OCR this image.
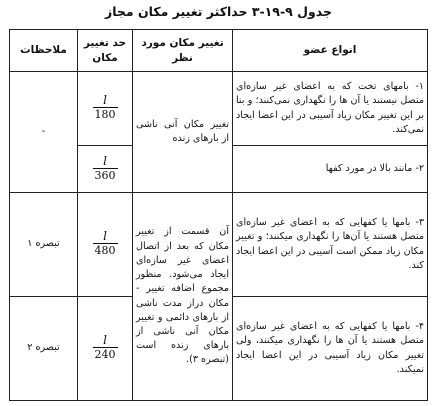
جدول ۹-۱۹-۳ حداکثر تغییر مکان مجاز
انواع عضو	تغییر مکان مورد نظر	حد تغییر مکان	ملاحظات

۱- بامهای تخت که به اعضای غیر سازه‌ای متصل نیستند یا آن ها را نگهداری نمی‌کنند؛ و بنا بر این تغییر مکان زیاد آسیبی در این اعضا ایجاد نمی‌کند.	تغییر مکان آنی ناشی از بارهای زنده	$\frac{l}{180}$	-

۲- مانند بالا در مورد کفها		$\frac{l}{360}$

۳- بامها یا کفهایی که به اعضای غیر سازه‌ای متصل هستند یا آن‌ها را نگهداری میکنند؛ و تغییر مکان زیاد ممکن است آسیبی در این اعضا ایجاد کند.	آن قسمت از تغییر مکان که بعد از اتصال اعضای غیر سازه‌ای ایجاد می‌شود. منظور مجموع اضافه تغییر - مکان دراز مدت ناشی از بارهای دائمی و تغییر مکان آنی ناشی از بارهای زنده است (تبصره ۳).	$\frac{l}{480}$	تبصره ۱

۴- بامها یا کفهایی که به اعضای غیر سازه‌ای متصل هستند یا آن ها را نگهداری میکنند، ولی تغییر مکان زیاد آسیبی در این اعضا ایجاد نمیکند.		$\frac{l}{240}$	تبصره ۲
